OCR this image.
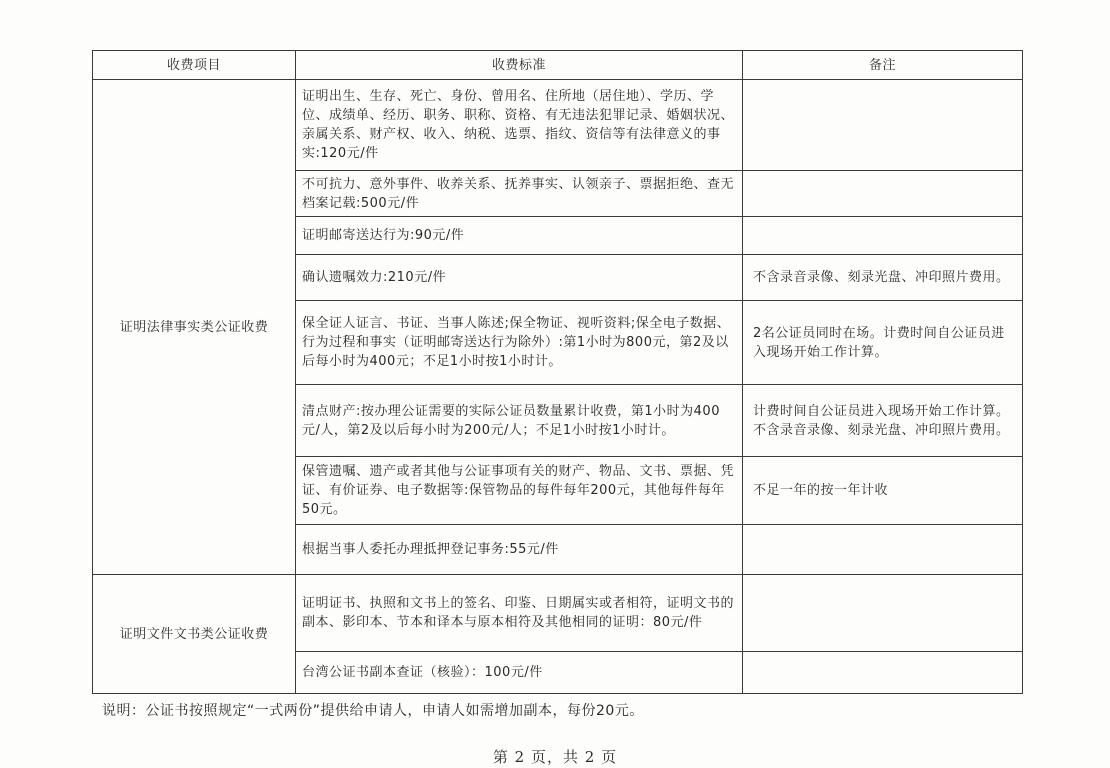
收费项目	收费标准	备注
证明法律事实类公证收费	证明出生、生存、死亡、身份、曾用名、住所地（居住地）、学历、学位、成绩单、经历、职务、职称、资格、有无违法犯罪记录、婚姻状况、亲属关系、财产权、收入、纳税、选票、指纹、资信等有法律意义的事实:120元/件	
	不可抗力、意外事件、收养关系、抚养事实、认领亲子、票据拒绝、查无档案记载:500元/件	
	证明邮寄送达行为:90元/件	
	确认遗嘱效力:210元/件	不含录音录像、刻录光盘、冲印照片费用。
	保全证人证言、书证、当事人陈述;保全物证、视听资料;保全电子数据、行为过程和事实（证明邮寄送达行为除外）:第1小时为800元，第2及以后每小时为400元；不足1小时按1小时计。	2名公证员同时在场。计费时间自公证员进入现场开始工作计算。
	清点财产:按办理公证需要的实际公证员数量累计收费，第1小时为400元/人，第2及以后每小时为200元/人；不足1小时按1小时计。	计费时间自公证员进入现场开始工作计算。不含录音录像、刻录光盘、冲印照片费用。
	保管遗嘱、遗产或者其他与公证事项有关的财产、物品、文书、票据、凭证、有价证券、电子数据等:保管物品的每件每年200元，其他每件每年50元。	不足一年的按一年计收
	根据当事人委托办理抵押登记事务:55元/件	
证明文件文书类公证收费	证明证书、执照和文书上的签名、印鉴、日期属实或者相符，证明文书的副本、影印本、节本和译本与原本相符及其他相同的证明：80元/件	
	台湾公证书副本查证（核验）：100元/件	
说明：公证书按照规定“一式两份”提供给申请人，申请人如需增加副本，每份20元。
第 2 页，共 2 页
